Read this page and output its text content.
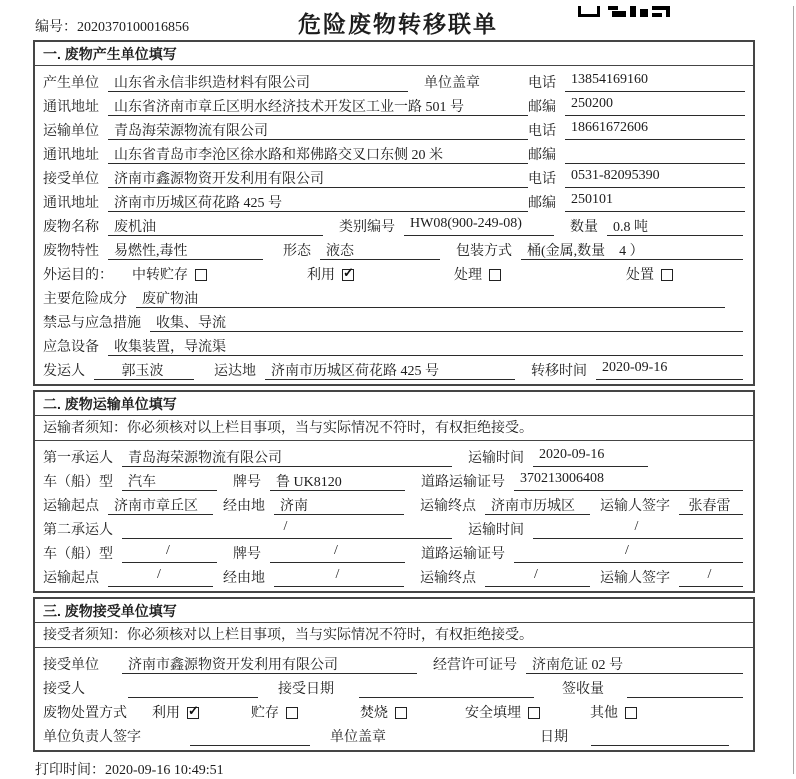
编号：2020370100016856	危险废物转移联单
一. 废物产生单位填写
产生单位	山东省永信非织造材料有限公司	单位盖章	电话	13854169160
通讯地址	山东省济南市章丘区明水经济技术开发区工业一路 501 号	邮编	250200
运输单位	青岛海荣源物流有限公司	电话	18661672606
通讯地址	山东省青岛市李沧区徐水路和郑佛路交叉口东侧 20 米	邮编
接受单位	济南市鑫源物资开发利用有限公司	电话	0531-82095390
通讯地址	济南市历城区荷花路 425 号	邮编	250101
废物名称	废机油	类别编号	HW08(900-249-08)	数量	0.8 吨
废物特性	易燃性,毒性	形态	液态	包装方式	桶(金属,数量　4 ）
外运目的： 中转贮存	利用 ✓	处理	处置
主要危险成分	废矿物油
禁忌与应急措施	收集、导流
应急设备	收集装置，导流渠
发运人	郭玉波	运达地	济南市历城区荷花路 425 号	转移时间	2020-09-16
二. 废物运输单位填写
运输者须知：你必须核对以上栏目事项，当与实际情况不符时，有权拒绝接受。
第一承运人	青岛海荣源物流有限公司	运输时间	2020-09-16
车（船）型	汽车	牌号	鲁 UK8120	道路运输证号	370213006408
运输起点	济南市章丘区	经由地	济南	运输终点	济南市历城区	运输人签字	张春雷
第二承运人	/	运输时间	/
车（船）型	/	牌号	/	道路运输证号	/
运输起点	/	经由地	/	运输终点	/	运输人签字	/
三. 废物接受单位填写
接受者须知：你必须核对以上栏目事项，当与实际情况不符时，有权拒绝接受。
接受单位	济南市鑫源物资开发利用有限公司	经营许可证号	济南危证 02 号
接受人	接受日期	签收量
废物处置方式 利用 ✓	贮存	焚烧	安全填埋	其他
单位负责人签字	单位盖章	日期
打印时间：2020-09-16 10:49:51
